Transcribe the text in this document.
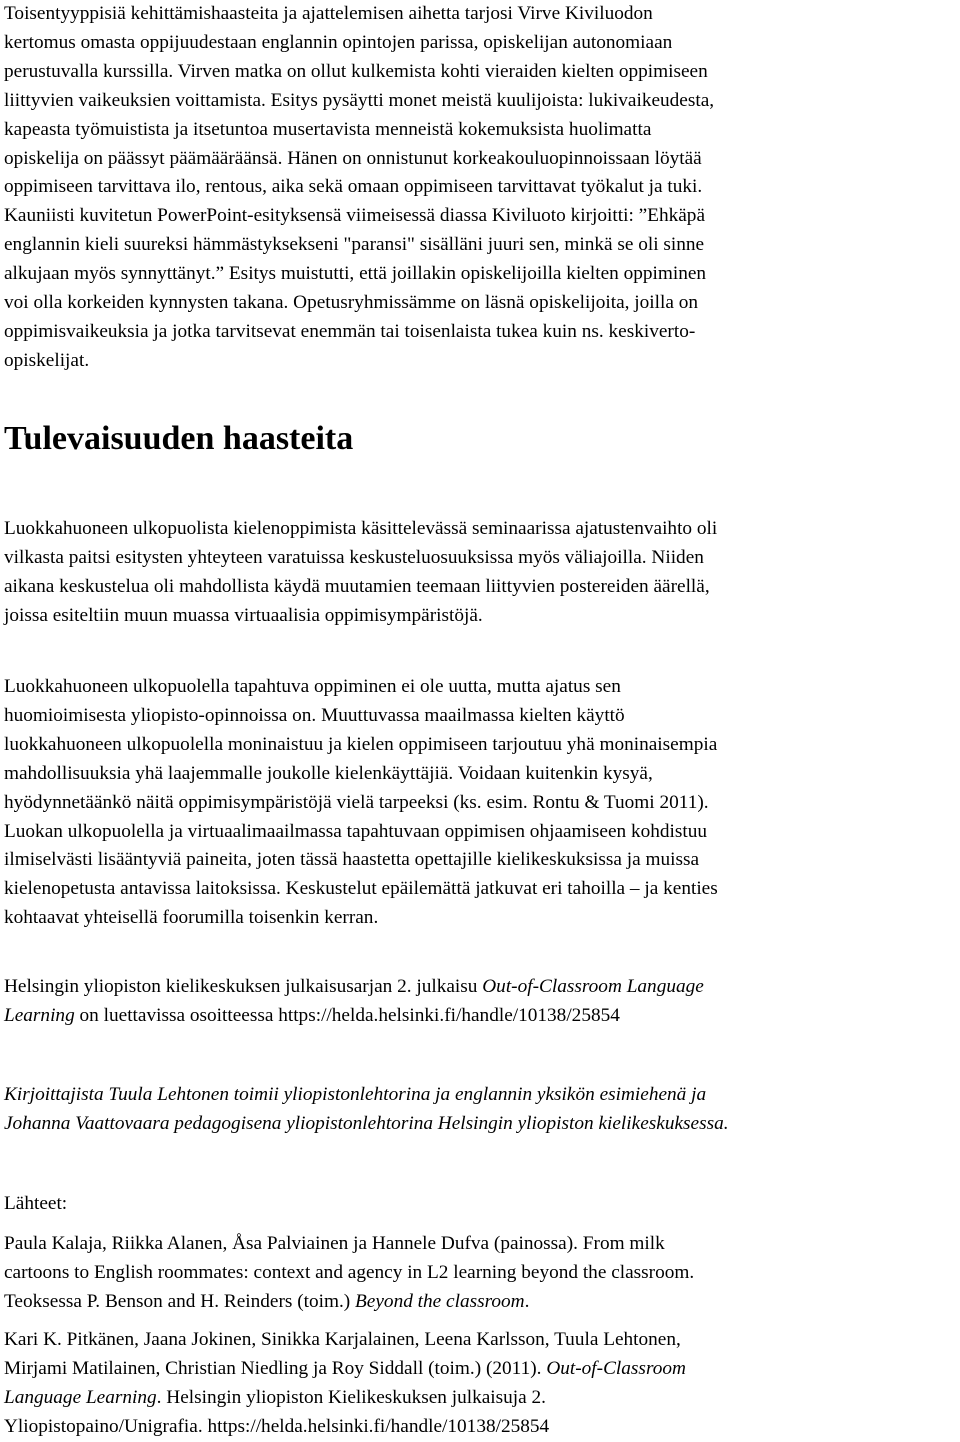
Toisentyyppisiä kehittämishaasteita ja ajattelemisen aihetta tarjosi Virve Kiviluodon
kertomus omasta oppijuudestaan englannin opintojen parissa, opiskelijan autonomiaan
perustuvalla kurssilla. Virven matka on ollut kulkemista kohti vieraiden kielten oppimiseen
liittyvien vaikeuksien voittamista. Esitys pysäytti monet meistä kuulijoista: lukivaikeudesta,
kapeasta työmuistista ja itsetuntoa musertavista menneistä kokemuksista huolimatta
opiskelija on päässyt päämääräänsä. Hänen on onnistunut korkeakouluopinnoissaan löytää
oppimiseen tarvittava ilo, rentous, aika sekä omaan oppimiseen tarvittavat työkalut ja tuki.
Kauniisti kuvitetun PowerPoint-esityksensä viimeisessä diassa Kiviluoto kirjoitti: ”Ehkäpä
englannin kieli suureksi hämmästyksekseni "paransi" sisälläni juuri sen, minkä se oli sinne
alkujaan myös synnyttänyt.” Esitys muistutti, että joillakin opiskelijoilla kielten oppiminen
voi olla korkeiden kynnysten takana. Opetusryhmissämme on läsnä opiskelijoita, joilla on
oppimisvaikeuksia ja jotka tarvitsevat enemmän tai toisenlaista tukea kuin ns. keskiverto-
opiskelijat.
Tulevaisuuden haasteita
Luokkahuoneen ulkopuolista kielenoppimista käsittelevässä seminaarissa ajatustenvaihto oli
vilkasta paitsi esitysten yhteyteen varatuissa keskusteluosuuksissa myös väliajoilla. Niiden
aikana keskustelua oli mahdollista käydä muutamien teemaan liittyvien postereiden äärellä,
joissa esiteltiin muun muassa virtuaalisia oppimisympäristöjä.
Luokkahuoneen ulkopuolella tapahtuva oppiminen ei ole uutta, mutta ajatus sen
huomioimisesta yliopisto-opinnoissa on. Muuttuvassa maailmassa kielten käyttö
luokkahuoneen ulkopuolella moninaistuu ja kielen oppimiseen tarjoutuu yhä moninaisempia
mahdollisuuksia yhä laajemmalle joukolle kielenkäyttäjiä. Voidaan kuitenkin kysyä,
hyödynnetäänkö näitä oppimisympäristöjä vielä tarpeeksi (ks. esim. Rontu & Tuomi 2011).
Luokan ulkopuolella ja virtuaalimaailmassa tapahtuvaan oppimisen ohjaamiseen kohdistuu
ilmiselvästi lisääntyviä paineita, joten tässä haastetta opettajille kielikeskuksissa ja muissa
kielenopetusta antavissa laitoksissa. Keskustelut epäilemättä jatkuvat eri tahoilla – ja kenties
kohtaavat yhteisellä foorumilla toisenkin kerran.
Helsingin yliopiston kielikeskuksen julkaisusarjan 2. julkaisu Out-of-Classroom Language
Learning on luettavissa osoitteessa https://helda.helsinki.fi/handle/10138/25854
Kirjoittajista Tuula Lehtonen toimii yliopistonlehtorina ja englannin yksikön esimiehenä ja
Johanna Vaattovaara pedagogisena yliopistonlehtorina Helsingin yliopiston kielikeskuksessa.
Lähteet:
Paula Kalaja, Riikka Alanen, Åsa Palviainen ja Hannele Dufva (painossa). From milk
cartoons to English roommates: context and agency in L2 learning beyond the classroom.
Teoksessa P. Benson and H. Reinders (toim.) Beyond the classroom.
Kari K. Pitkänen, Jaana Jokinen, Sinikka Karjalainen, Leena Karlsson, Tuula Lehtonen,
Mirjami Matilainen, Christian Niedling ja Roy Siddall (toim.) (2011). Out-of-Classroom
Language Learning. Helsingin yliopiston Kielikeskuksen julkaisuja 2.
Yliopistopaino/Unigrafia. https://helda.helsinki.fi/handle/10138/25854
